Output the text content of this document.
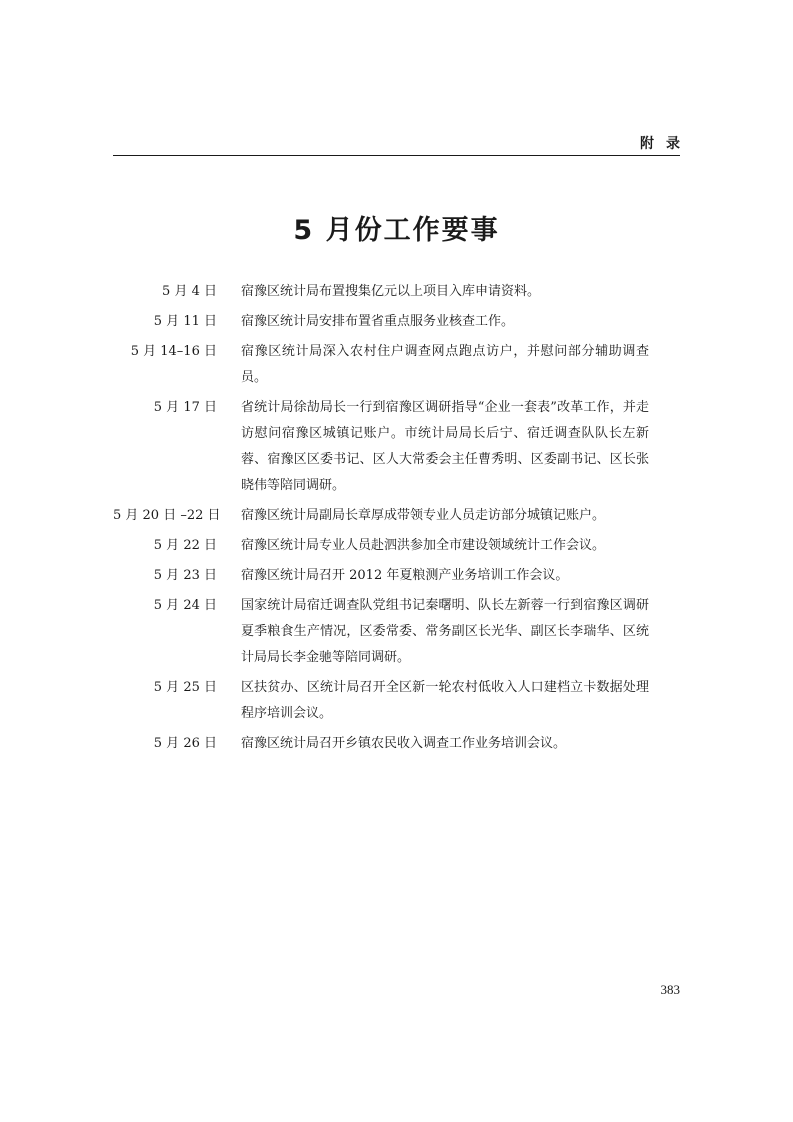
附录
5 月份工作要事
5 月 4 日 宿豫区统计局布置搜集亿元以上项目入库申请资料。
5 月 11 日 宿豫区统计局安排布置省重点服务业核查工作。
5 月 14–16 日 宿豫区统计局深入农村住户调查网点跑点访户，并慰问部分辅助调查员。
5 月 17 日 省统计局徐劼局长一行到宿豫区调研指导“企业一套表”改革工作，并走访慰问宿豫区城镇记账户。市统计局局长后宁、宿迁调查队队长左新蓉、宿豫区区委书记、区人大常委会主任曹秀明、区委副书记、区长张晓伟等陪同调研。
5 月 20 日 –22 日 宿豫区统计局副局长章厚成带领专业人员走访部分城镇记账户。
5 月 22 日 宿豫区统计局专业人员赴泗洪参加全市建设领域统计工作会议。
5 月 23 日 宿豫区统计局召开 2012 年夏粮测产业务培训工作会议。
5 月 24 日 国家统计局宿迁调查队党组书记秦曙明、队长左新蓉一行到宿豫区调研夏季粮食生产情况，区委常委、常务副区长光华、副区长李瑞华、区统计局局长李金驰等陪同调研。
5 月 25 日 区扶贫办、区统计局召开全区新一轮农村低收入人口建档立卡数据处理程序培训会议。
5 月 26 日 宿豫区统计局召开乡镇农民收入调查工作业务培训会议。
383
